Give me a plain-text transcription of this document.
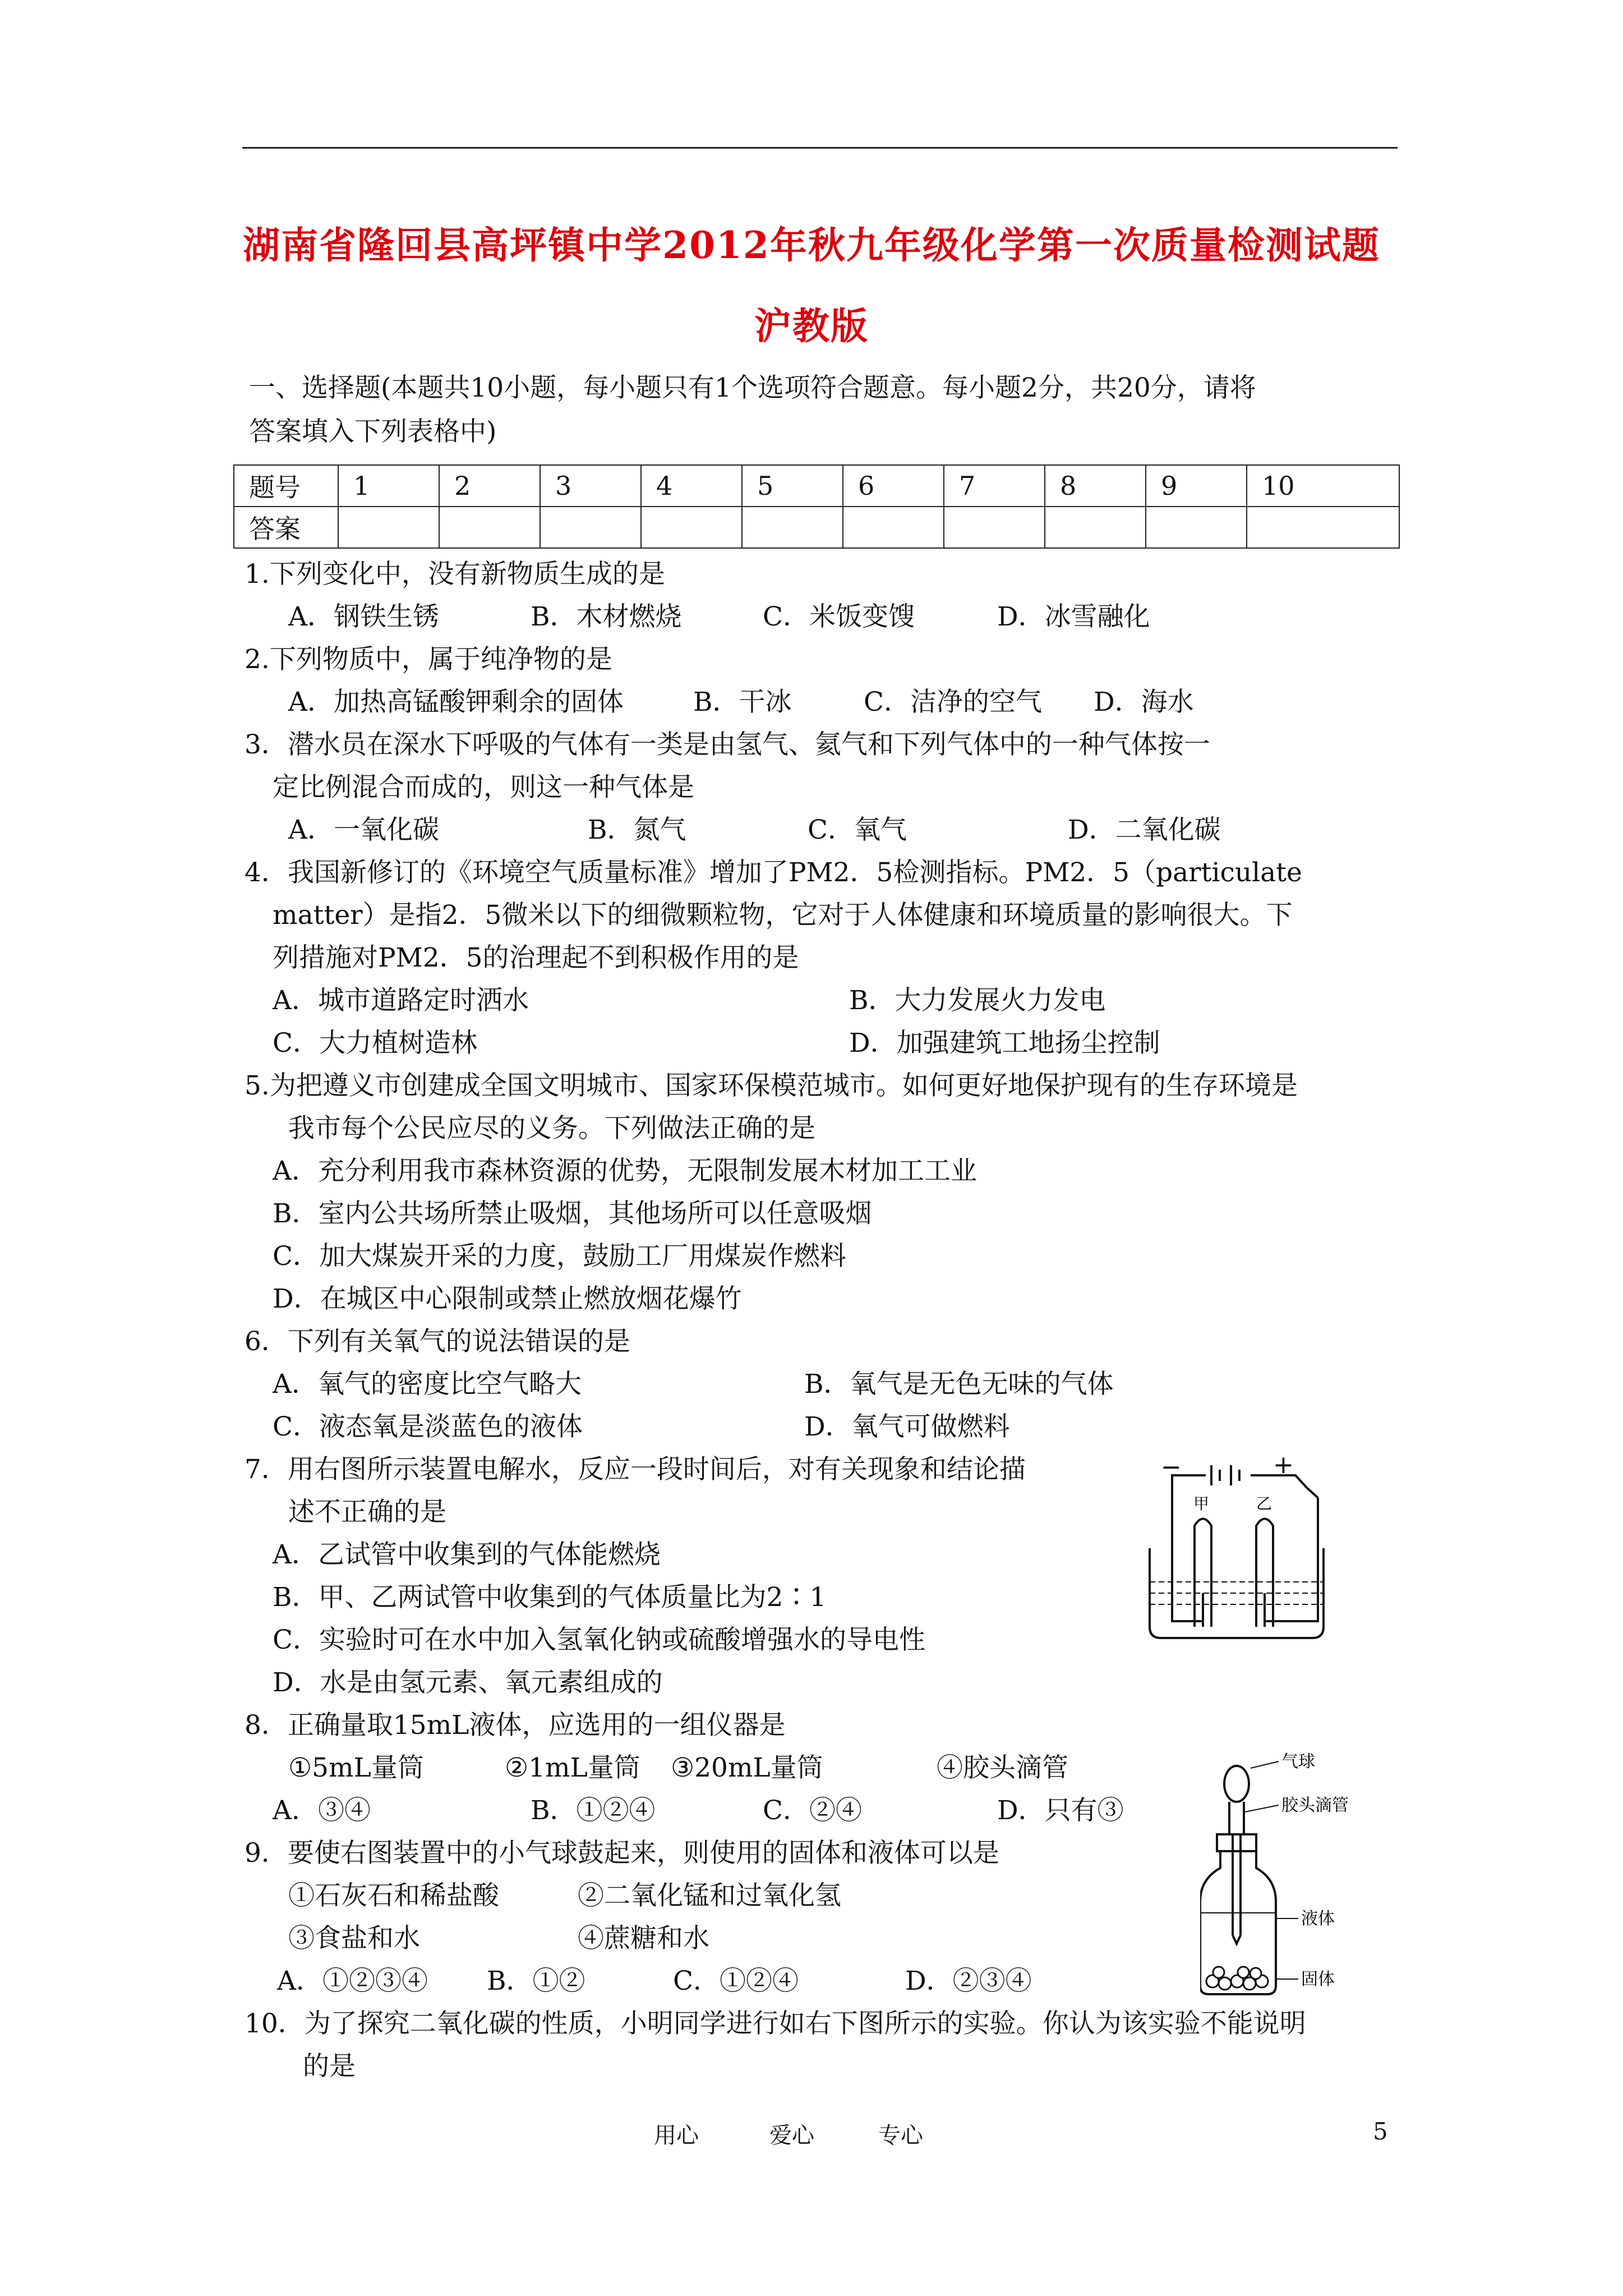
湖南省隆回县高坪镇中学2012年秋九年级化学第一次质量检测试题
沪教版
一、选择题(本题共10小题，每小题只有1个选项符合题意。每小题2分，共20分，请将
答案填入下列表格中)
题号	1	2	3	4	5	6	7	8	9	10
答案										
1.下列变化中，没有新物质生成的是
A．钢铁生锈	B．木材燃烧	C．米饭变馊	D．冰雪融化
2.下列物质中，属于纯净物的是
A．加热高锰酸钾剩余的固体	B．干冰	C．洁净的空气 D．海水
3．潜水员在深水下呼吸的气体有一类是由氢气、氦气和下列气体中的一种气体按一
定比例混合而成的，则这一种气体是
A．一氧化碳	B．氮气	C．氧气	D．二氧化碳
4．我国新修订的《环境空气质量标准》增加了PM2．5检测指标。PM2．5（particulate
matter）是指2．5微米以下的细微颗粒物，它对于人体健康和环境质量的影响很大。下
列措施对PM2．5的治理起不到积极作用的是
A．城市道路定时洒水	B．大力发展火力发电
C．大力植树造林	D．加强建筑工地扬尘控制
5.为把遵义市创建成全国文明城市、国家环保模范城市。如何更好地保护现有的生存环境是
我市每个公民应尽的义务。下列做法正确的是
A．充分利用我市森林资源的优势，无限制发展木材加工工业
B．室内公共场所禁止吸烟，其他场所可以任意吸烟
C．加大煤炭开采的力度，鼓励工厂用煤炭作燃料
D．在城区中心限制或禁止燃放烟花爆竹
6．下列有关氧气的说法错误的是
A．氧气的密度比空气略大	B．氧气是无色无味的气体
C．液态氧是淡蓝色的液体	D．氧气可做燃料
7．用右图所示装置电解水，反应一段时间后，对有关现象和结论描
述不正确的是
A．乙试管中收集到的气体能燃烧
B．甲、乙两试管中收集到的气体质量比为2∶1
C．实验时可在水中加入氢氧化钠或硫酸增强水的导电性
D．水是由氢元素、氧元素组成的
−	+
甲	乙
8．正确量取15mL液体，应选用的一组仪器是
①5mL量筒	②1mL量筒 ③20mL量筒	④胶头滴管
A．③④	B．①②④	C．②④	D．只有③
9．要使右图装置中的小气球鼓起来，则使用的固体和液体可以是
①石灰石和稀盐酸	②二氧化锰和过氧化氢
③食盐和水	④蔗糖和水
A．①②③④ B．①②	C．①②④	D．②③④
气球
胶头滴管
液体
固体
10．为了探究二氧化碳的性质，小明同学进行如右下图所示的实验。你认为该实验不能说明
的是
用心	爱心	专心	5
